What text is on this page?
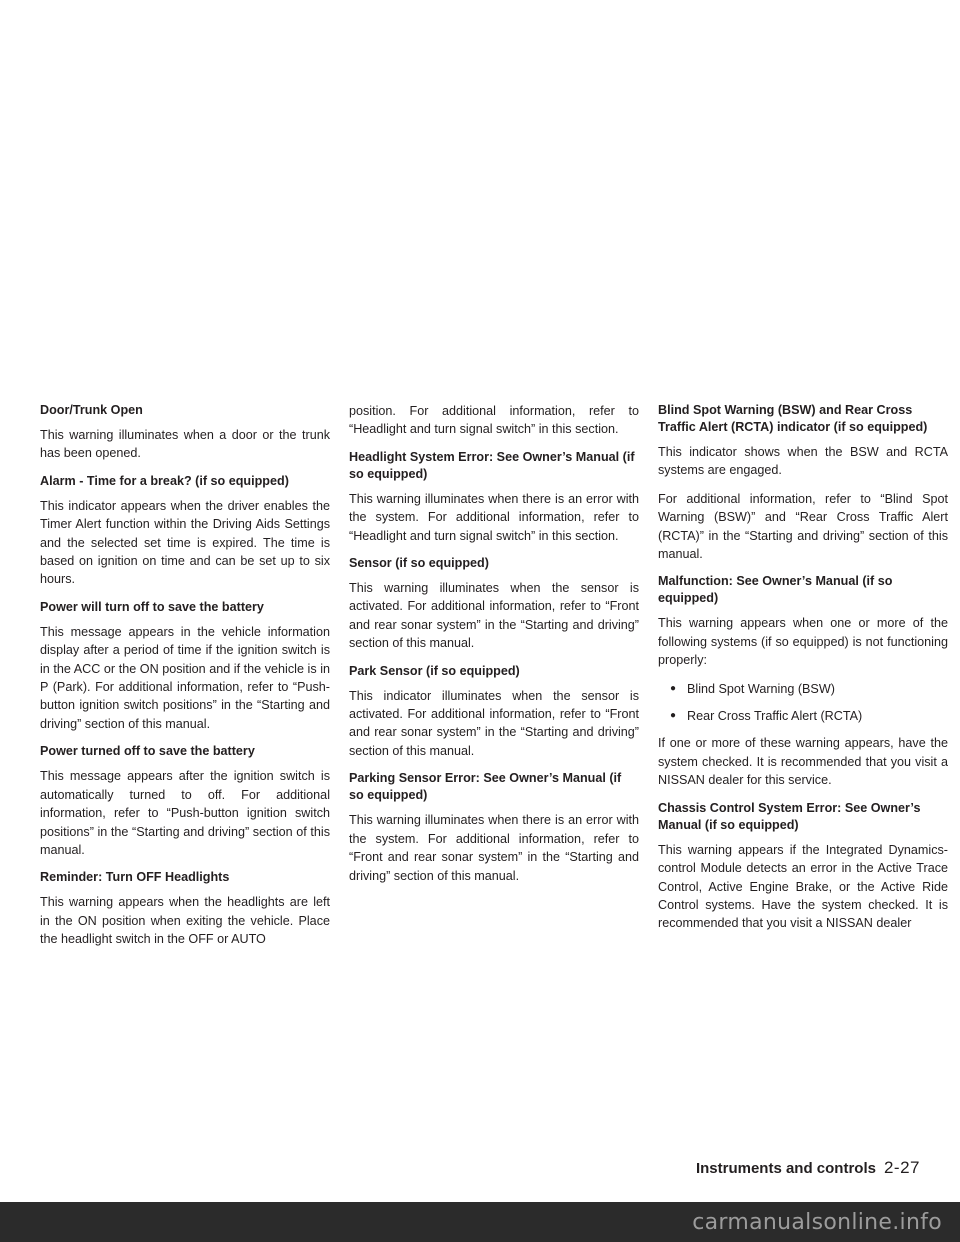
Door/Trunk Open

This warning illuminates when a door or the trunk has been opened.

Alarm - Time for a break? (if so equipped)

This indicator appears when the driver enables the Timer Alert function within the Driving Aids Settings and the selected set time is expired. The time is based on ignition on time and can be set up to six hours.

Power will turn off to save the battery

This message appears in the vehicle information display after a period of time if the ignition switch is in the ACC or the ON position and if the vehicle is in P (Park). For additional information, refer to “Push-button ignition switch positions” in the “Starting and driving” section of this manual.

Power turned off to save the battery

This message appears after the ignition switch is automatically turned to off. For additional information, refer to “Push-button ignition switch positions” in the “Starting and driving” section of this manual.

Reminder: Turn OFF Headlights

This warning appears when the headlights are left in the ON position when exiting the vehicle. Place the headlight switch in the OFF or AUTO

position. For additional information, refer to “Headlight and turn signal switch” in this section.

Headlight System Error: See Owner’s Manual (if so equipped)

This warning illuminates when there is an error with the system. For additional information, refer to “Headlight and turn signal switch” in this section.

Sensor (if so equipped)

This warning illuminates when the sensor is activated. For additional information, refer to “Front and rear sonar system” in the “Starting and driving” section of this manual.

Park Sensor (if so equipped)

This indicator illuminates when the sensor is activated. For additional information, refer to “Front and rear sonar system” in the “Starting and driving” section of this manual.

Parking Sensor Error: See Owner’s Manual (if so equipped)

This warning illuminates when there is an error with the system. For additional information, refer to “Front and rear sonar system” in the “Starting and driving” section of this manual.

Blind Spot Warning (BSW) and Rear Cross Traffic Alert (RCTA) indicator (if so equipped)

This indicator shows when the BSW and RCTA systems are engaged.

For additional information, refer to “Blind Spot Warning (BSW)” and “Rear Cross Traffic Alert (RCTA)” in the “Starting and driving” section of this manual.

Malfunction: See Owner’s Manual (if so equipped)

This warning appears when one or more of the following systems (if so equipped) is not functioning properly:

● Blind Spot Warning (BSW)
● Rear Cross Traffic Alert (RCTA)

If one or more of these warning appears, have the system checked. It is recommended that you visit a NISSAN dealer for this service.

Chassis Control System Error: See Owner’s Manual (if so equipped)

This warning appears if the Integrated Dynamics-control Module detects an error in the Active Trace Control, Active Engine Brake, or the Active Ride Control systems. Have the system checked. It is recommended that you visit a NISSAN dealer

Instruments and controls 2-27
carmanualsonline.info
